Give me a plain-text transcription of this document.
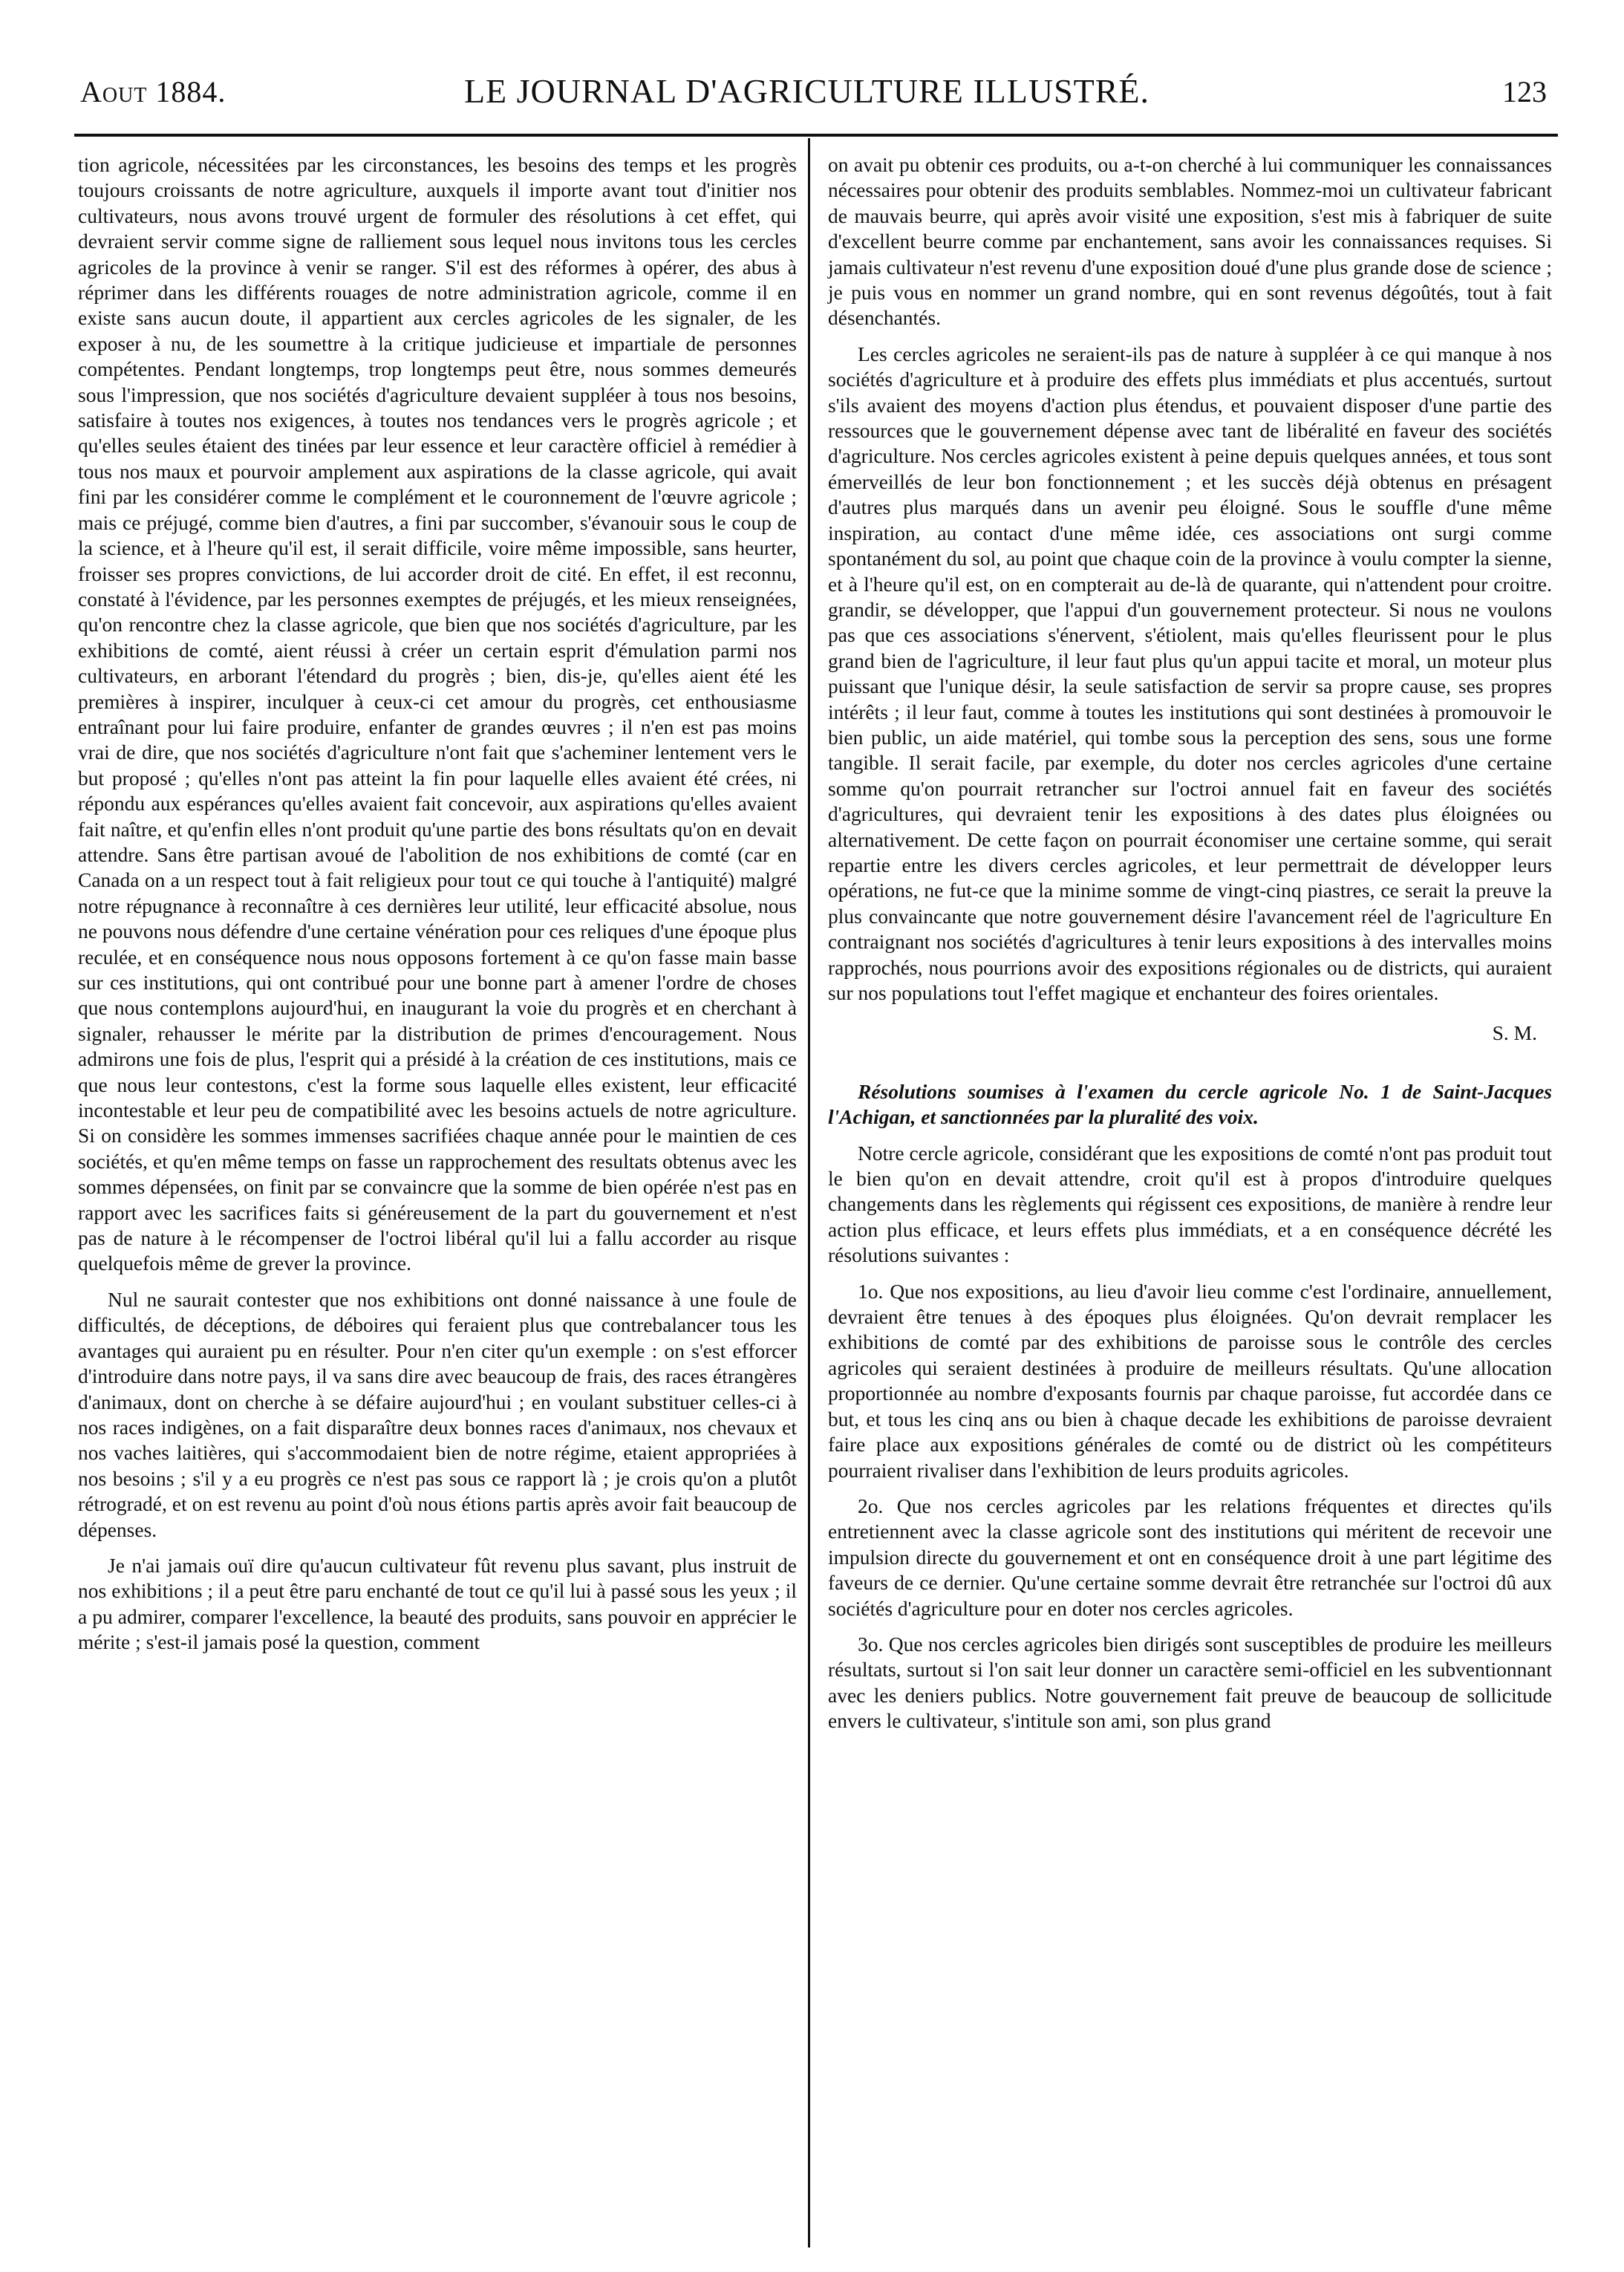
Aout 1884.	LE JOURNAL D'AGRICULTURE ILLUSTRÉ.	123

tion agricole, nécessitées par les circonstances, les besoins des temps et les progrès toujours croissants de notre agriculture, auxquels il importe avant tout d'initier nos cultivateurs, nous avons trouvé urgent de formuler des résolutions à cet effet, qui devraient servir comme signe de ralliement sous lequel nous invitons tous les cercles agricoles de la province à venir se ranger. S'il est des réformes à opérer, des abus à réprimer dans les différents rouages de notre administration agricole, comme il en existe sans aucun doute, il appartient aux cercles agricoles de les signaler, de les exposer à nu, de les soumettre à la critique judicieuse et impartiale de personnes compétentes. Pendant longtemps, trop longtemps peut être, nous sommes demeurés sous l'impression, que nos sociétés d'agriculture devaient suppléer à tous nos besoins, satisfaire à toutes nos exigences, à toutes nos tendances vers le progrès agricole ; et qu'elles seules étaient des tinées par leur essence et leur caractère officiel à remédier à tous nos maux et pourvoir amplement aux aspirations de la classe agricole, qui avait fini par les considérer comme le complément et le couronnement de l'œuvre agricole ; mais ce préjugé, comme bien d'autres, a fini par succomber, s'évanouir sous le coup de la science, et à l'heure qu'il est, il serait difficile, voire même impossible, sans heurter, froisser ses propres convictions, de lui accorder droit de cité. En effet, il est reconnu, constaté à l'évidence, par les personnes exemptes de préjugés, et les mieux renseignées, qu'on rencontre chez la classe agricole, que bien que nos sociétés d'agriculture, par les exhibitions de comté, aient réussi à créer un certain esprit d'émulation parmi nos cultivateurs, en arborant l'étendard du progrès ; bien, dis-je, qu'elles aient été les premières à inspirer, inculquer à ceux-ci cet amour du progrès, cet enthousiasme entraînant pour lui faire produire, enfanter de grandes œuvres ; il n'en est pas moins vrai de dire, que nos sociétés d'agriculture n'ont fait que s'acheminer lentement vers le but proposé ; qu'elles n'ont pas atteint la fin pour laquelle elles avaient été crées, ni répondu aux espérances qu'elles avaient fait concevoir, aux aspirations qu'elles avaient fait naître, et qu'enfin elles n'ont produit qu'une partie des bons résultats qu'on en devait attendre. Sans être partisan avoué de l'abolition de nos exhibitions de comté (car en Canada on a un respect tout à fait religieux pour tout ce qui touche à l'antiquité) malgré notre répugnance à reconnaître à ces dernières leur utilité, leur efficacité absolue, nous ne pouvons nous défendre d'une certaine vénération pour ces reliques d'une époque plus reculée, et en conséquence nous nous opposons fortement à ce qu'on fasse main basse sur ces institutions, qui ont contribué pour une bonne part à amener l'ordre de choses que nous contemplons aujourd'hui, en inaugurant la voie du progrès et en cherchant à signaler, rehausser le mérite par la distribution de primes d'encouragement. Nous admirons une fois de plus, l'esprit qui a présidé à la création de ces institutions, mais ce que nous leur contestons, c'est la forme sous laquelle elles existent, leur efficacité incontestable et leur peu de compatibilité avec les besoins actuels de notre agriculture. Si on considère les sommes immenses sacrifiées chaque année pour le maintien de ces sociétés, et qu'en même temps on fasse un rapprochement des resultats obtenus avec les sommes dépensées, on finit par se convaincre que la somme de bien opérée n'est pas en rapport avec les sacrifices faits si généreusement de la part du gouvernement et n'est pas de nature à le récompenser de l'octroi libéral qu'il lui a fallu accorder au risque quelquefois même de grever la province.

Nul ne saurait contester que nos exhibitions ont donné naissance à une foule de difficultés, de déceptions, de déboires qui feraient plus que contrebalancer tous les avantages qui auraient pu en résulter. Pour n'en citer qu'un exemple : on s'est efforcer d'introduire dans notre pays, il va sans dire avec beaucoup de frais, des races étrangères d'animaux, dont on cherche à se défaire aujourd'hui ; en voulant substituer celles-ci à nos races indigènes, on a fait disparaître deux bonnes races d'animaux, nos chevaux et nos vaches laitières, qui s'accommodaient bien de notre régime, etaient appropriées à nos besoins ; s'il y a eu progrès ce n'est pas sous ce rapport là ; je crois qu'on a plutôt rétrogradé, et on est revenu au point d'où nous étions partis après avoir fait beaucoup de dépenses.

Je n'ai jamais ouï dire qu'aucun cultivateur fût revenu plus savant, plus instruit de nos exhibitions ; il a peut être paru enchanté de tout ce qu'il lui à passé sous les yeux ; il a pu admirer, comparer l'excellence, la beauté des produits, sans pouvoir en apprécier le mérite ; s'est-il jamais posé la question, comment

on avait pu obtenir ces produits, ou a-t-on cherché à lui communiquer les connaissances nécessaires pour obtenir des produits semblables. Nommez-moi un cultivateur fabricant de mauvais beurre, qui après avoir visité une exposition, s'est mis à fabriquer de suite d'excellent beurre comme par enchantement, sans avoir les connaissances requises. Si jamais cultivateur n'est revenu d'une exposition doué d'une plus grande dose de science ; je puis vous en nommer un grand nombre, qui en sont revenus dégoûtés, tout à fait désenchantés.

Les cercles agricoles ne seraient-ils pas de nature à suppléer à ce qui manque à nos sociétés d'agriculture et à produire des effets plus immédiats et plus accentués, surtout s'ils avaient des moyens d'action plus étendus, et pouvaient disposer d'une partie des ressources que le gouvernement dépense avec tant de libéralité en faveur des sociétés d'agriculture. Nos cercles agricoles existent à peine depuis quelques années, et tous sont émerveillés de leur bon fonctionnement ; et les succès déjà obtenus en présagent d'autres plus marqués dans un avenir peu éloigné. Sous le souffle d'une même inspiration, au contact d'une même idée, ces associations ont surgi comme spontanément du sol, au point que chaque coin de la province à voulu compter la sienne, et à l'heure qu'il est, on en compterait au de-là de quarante, qui n'attendent pour croitre. grandir, se développer, que l'appui d'un gouvernement protecteur. Si nous ne voulons pas que ces associations s'énervent, s'étiolent, mais qu'elles fleurissent pour le plus grand bien de l'agriculture, il leur faut plus qu'un appui tacite et moral, un moteur plus puissant que l'unique désir, la seule satisfaction de servir sa propre cause, ses propres intérêts ; il leur faut, comme à toutes les institutions qui sont destinées à promouvoir le bien public, un aide matériel, qui tombe sous la perception des sens, sous une forme tangible. Il serait facile, par exemple, du doter nos cercles agricoles d'une certaine somme qu'on pourrait retrancher sur l'octroi annuel fait en faveur des sociétés d'agricultures, qui devraient tenir les expositions à des dates plus éloignées ou alternativement. De cette façon on pourrait économiser une certaine somme, qui serait repartie entre les divers cercles agricoles, et leur permettrait de développer leurs opérations, ne fut-ce que la minime somme de vingt-cinq piastres, ce serait la preuve la plus convaincante que notre gouvernement désire l'avancement réel de l'agriculture En contraignant nos sociétés d'agricultures à tenir leurs expositions à des intervalles moins rapprochés, nous pourrions avoir des expositions régionales ou de districts, qui auraient sur nos populations tout l'effet magique et enchanteur des foires orientales.

S. M.

Résolutions soumises à l'examen du cercle agricole No. 1 de Saint-Jacques l'Achigan, et sanctionnées par la pluralité des voix.

Notre cercle agricole, considérant que les expositions de comté n'ont pas produit tout le bien qu'on en devait attendre, croit qu'il est à propos d'introduire quelques changements dans les règlements qui régissent ces expositions, de manière à rendre leur action plus efficace, et leurs effets plus immédiats, et a en conséquence décrété les résolutions suivantes :

1o. Que nos expositions, au lieu d'avoir lieu comme c'est l'ordinaire, annuellement, devraient être tenues à des époques plus éloignées. Qu'on devrait remplacer les exhibitions de comté par des exhibitions de paroisse sous le contrôle des cercles agricoles qui seraient destinées à produire de meilleurs résultats. Qu'une allocation proportionnée au nombre d'exposants fournis par chaque paroisse, fut accordée dans ce but, et tous les cinq ans ou bien à chaque decade les exhibitions de paroisse devraient faire place aux expositions générales de comté ou de district où les compétiteurs pourraient rivaliser dans l'exhibition de leurs produits agricoles.

2o. Que nos cercles agricoles par les relations fréquentes et directes qu'ils entretiennent avec la classe agricole sont des institutions qui méritent de recevoir une impulsion directe du gouvernement et ont en conséquence droit à une part légitime des faveurs de ce dernier. Qu'une certaine somme devrait être retranchée sur l'octroi dû aux sociétés d'agriculture pour en doter nos cercles agricoles.

3o. Que nos cercles agricoles bien dirigés sont susceptibles de produire les meilleurs résultats, surtout si l'on sait leur donner un caractère semi-officiel en les subventionnant avec les deniers publics. Notre gouvernement fait preuve de beaucoup de sollicitude envers le cultivateur, s'intitule son ami, son plus grand
